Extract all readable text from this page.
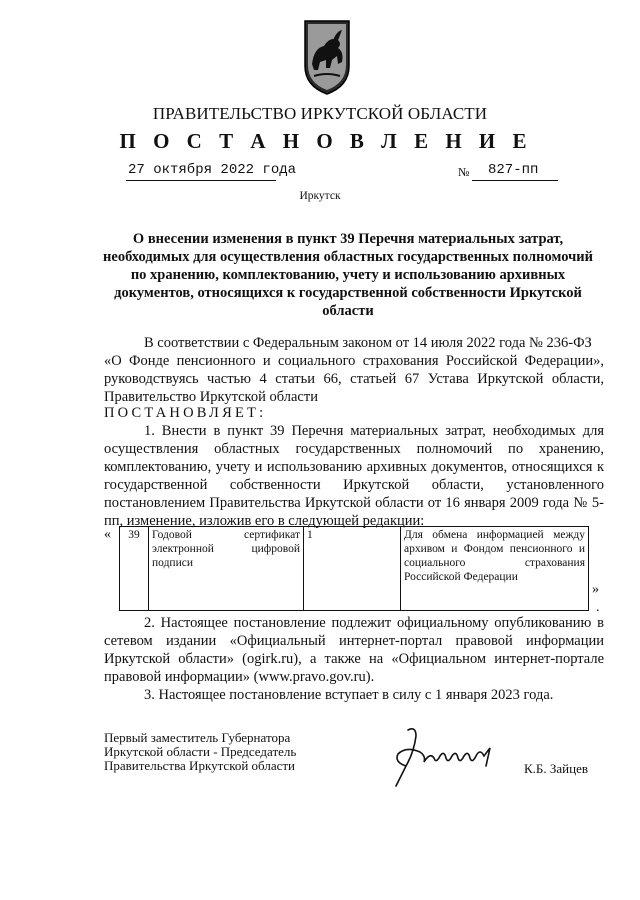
ПРАВИТЕЛЬСТВО ИРКУТСКОЙ ОБЛАСТИ
П О С Т А Н О В Л Е Н И Е
27 октября 2022 года	№ 827-пп
Иркутск
О внесении изменения в пункт 39 Перечня материальных затрат, необходимых для осуществления областных государственных полномочий по хранению, комплектованию, учету и использованию архивных документов, относящихся к государственной собственности Иркутской области
В соответствии с Федеральным законом от 14 июля 2022 года № 236-ФЗ
«О Фонде пенсионного и социального страхования Российской Федерации», руководствуясь частью 4 статьи 66, статьей 67 Устава Иркутской области, Правительство Иркутской области
ПОСТАНОВЛЯЕТ:
1. Внести в пункт 39 Перечня материальных затрат, необходимых для осуществления областных государственных полномочий по хранению, комплектованию, учету и использованию архивных документов, относящихся к государственной собственности Иркутской области, установленного постановлением Правительства Иркутской области от 16 января 2009 года № 5-пп, изменение, изложив его в следующей редакции:
« 39	Годовой сертификат электронной цифровой подписи	1	Для обмена информацией между архивом и Фондом пенсионного и социального страхования Российской Федерации
»
.
2. Настоящее постановление подлежит официальному опубликованию в сетевом издании «Официальный интернет-портал правовой информации Иркутской области» (ogirk.ru), а также на «Официальном интернет-портале правовой информации» (www.pravo.gov.ru).
3. Настоящее постановление вступает в силу с 1 января 2023 года.
Первый заместитель Губернатора
Иркутской области - Председатель
Правительства Иркутской области	К.Б. Зайцев
